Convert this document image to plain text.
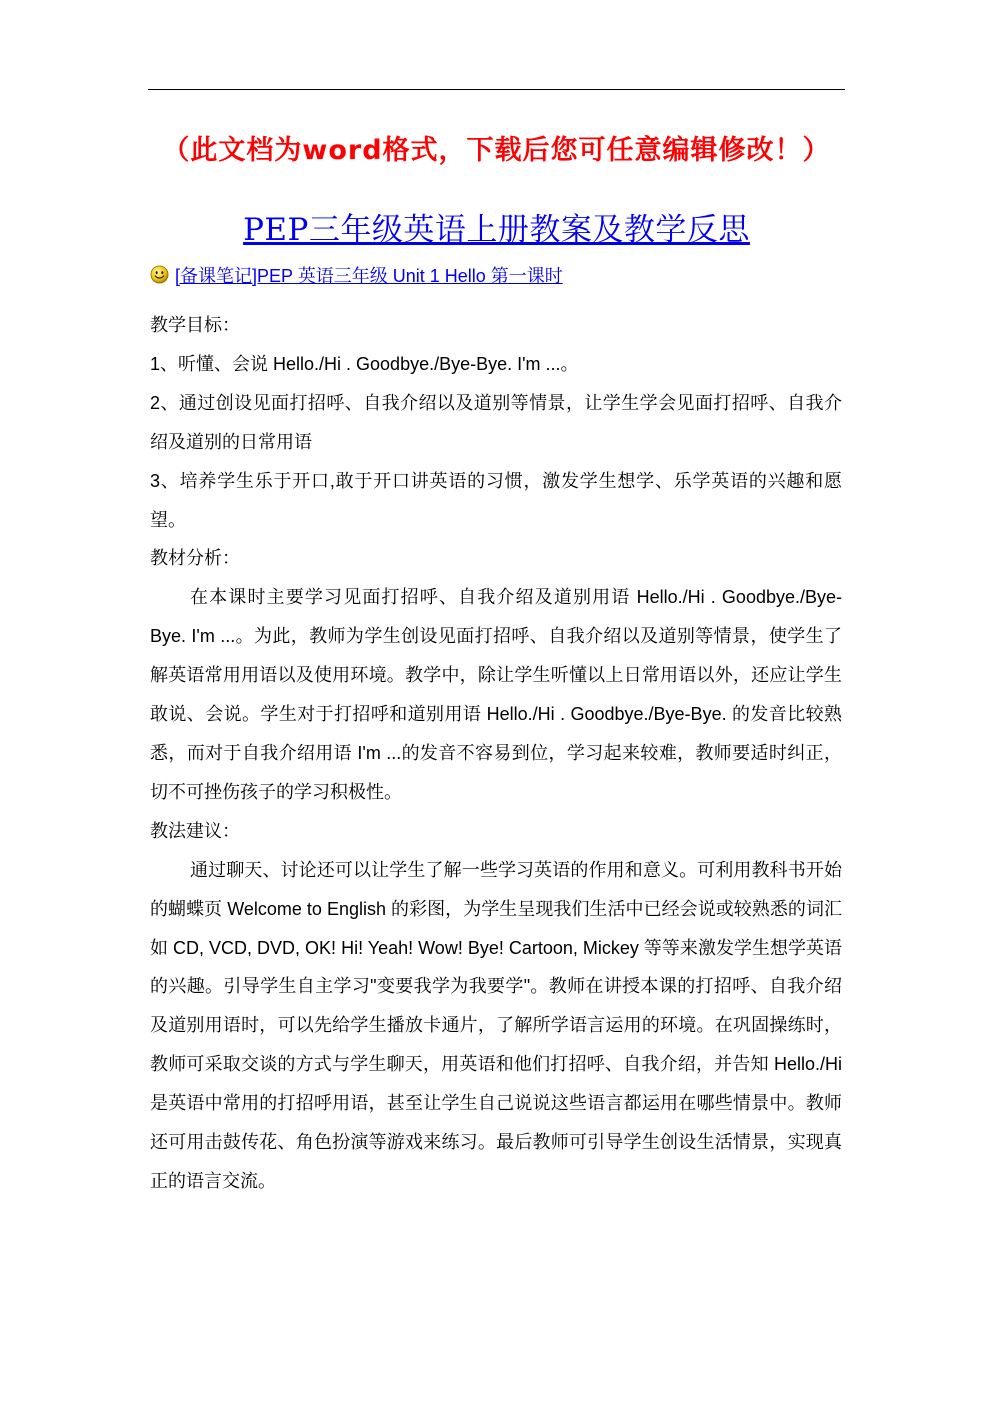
（此文档为word格式，下载后您可任意编辑修改！）
PEP三年级英语上册教案及教学反思
[备课笔记]PEP 英语三年级 Unit 1 Hello 第一课时

教学目标：

1、听懂、会说 Hello./Hi . Goodbye./Bye-Bye. I'm ...。

2、通过创设见面打招呼、自我介绍以及道别等情景，让学生学会见面打招呼、自我介绍及道别的日常用语

3、培养学生乐于开口,敢于开口讲英语的习惯，激发学生想学、乐学英语的兴趣和愿望。

教材分析：

在本课时主要学习见面打招呼、自我介绍及道别用语 Hello./Hi . Goodbye./Bye-Bye. I'm ...。为此，教师为学生创设见面打招呼、自我介绍以及道别等情景，使学生了解英语常用用语以及使用环境。教学中，除让学生听懂以上日常用语以外，还应让学生敢说、会说。学生对于打招呼和道别用语 Hello./Hi . Goodbye./Bye-Bye. 的发音比较熟悉，而对于自我介绍用语 I'm ...的发音不容易到位，学习起来较难，教师要适时纠正，切不可挫伤孩子的学习积极性。

教法建议：

通过聊天、讨论还可以让学生了解一些学习英语的作用和意义。可利用教科书开始的蝴蝶页 Welcome to English 的彩图，为学生呈现我们生活中已经会说或较熟悉的词汇如 CD, VCD, DVD, OK! Hi! Yeah! Wow! Bye! Cartoon, Mickey 等等来激发学生想学英语的兴趣。引导学生自主学习"变要我学为我要学"。教师在讲授本课的打招呼、自我介绍及道别用语时，可以先给学生播放卡通片，了解所学语言运用的环境。在巩固操练时，教师可采取交谈的方式与学生聊天，用英语和他们打招呼、自我介绍，并告知 Hello./Hi 是英语中常用的打招呼用语，甚至让学生自己说说这些语言都运用在哪些情景中。教师还可用击鼓传花、角色扮演等游戏来练习。最后教师可引导学生创设生活情景，实现真正的语言交流。
